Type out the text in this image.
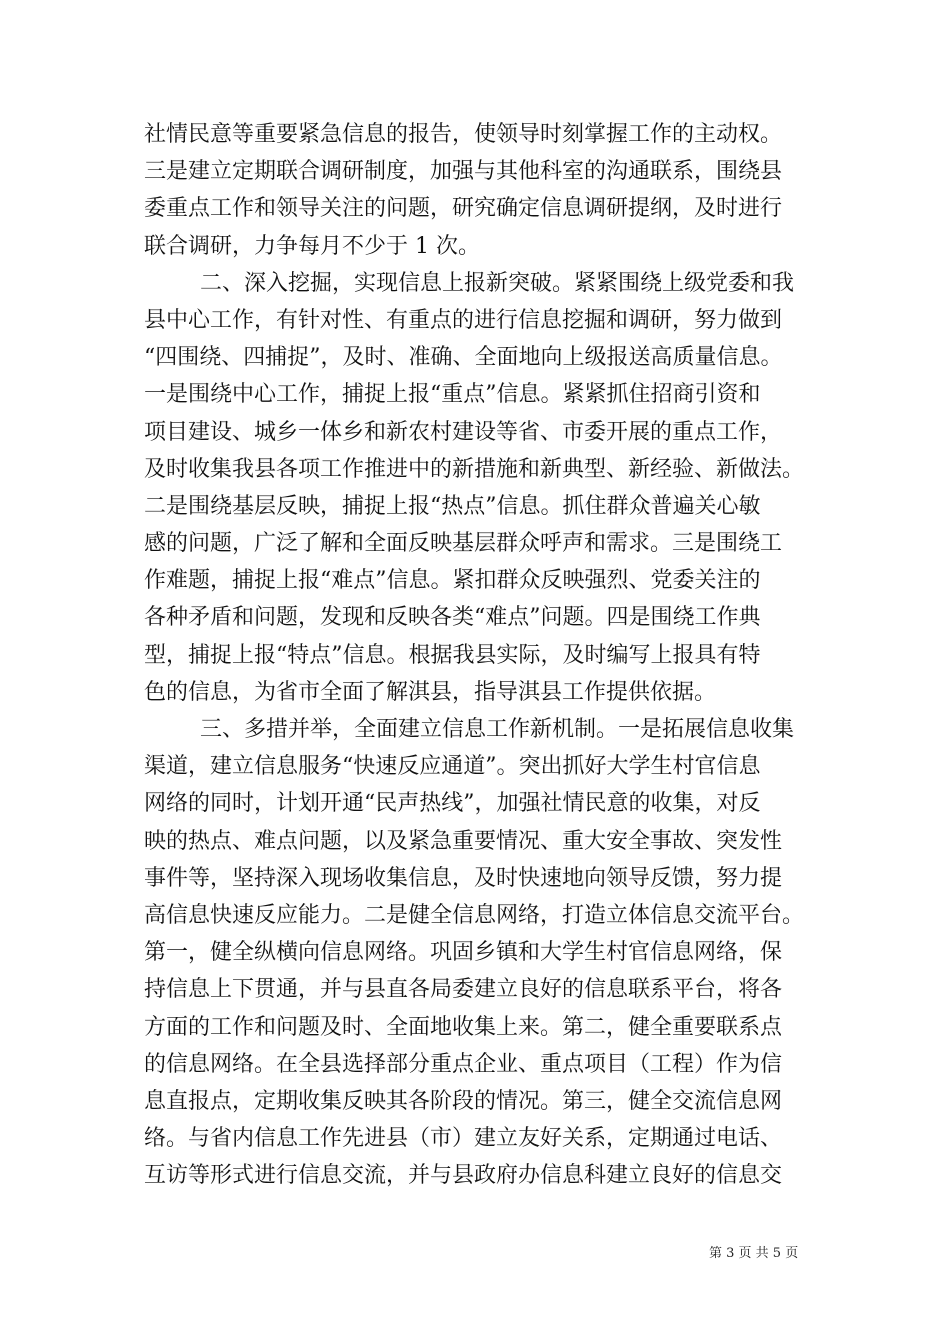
社情民意等重要紧急信息的报告，使领导时刻掌握工作的主动权。
三是建立定期联合调研制度，加强与其他科室的沟通联系，围绕县
委重点工作和领导关注的问题，研究确定信息调研提纲，及时进行
联合调研，力争每月不少于 1 次。
二、深入挖掘，实现信息上报新突破。紧紧围绕上级党委和我
县中心工作，有针对性、有重点的进行信息挖掘和调研，努力做到
“四围绕、四捕捉”，及时、准确、全面地向上级报送高质量信息。
一是围绕中心工作，捕捉上报“重点”信息。紧紧抓住招商引资和
项目建设、城乡一体乡和新农村建设等省、市委开展的重点工作，
及时收集我县各项工作推进中的新措施和新典型、新经验、新做法。
二是围绕基层反映，捕捉上报“热点”信息。抓住群众普遍关心敏
感的问题，广泛了解和全面反映基层群众呼声和需求。三是围绕工
作难题，捕捉上报“难点”信息。紧扣群众反映强烈、党委关注的
各种矛盾和问题，发现和反映各类“难点”问题。四是围绕工作典
型，捕捉上报“特点”信息。根据我县实际，及时编写上报具有特
色的信息，为省市全面了解淇县，指导淇县工作提供依据。
三、多措并举，全面建立信息工作新机制。一是拓展信息收集
渠道，建立信息服务“快速反应通道”。突出抓好大学生村官信息
网络的同时，计划开通“民声热线”，加强社情民意的收集，对反
映的热点、难点问题，以及紧急重要情况、重大安全事故、突发性
事件等，坚持深入现场收集信息，及时快速地向领导反馈，努力提
高信息快速反应能力。二是健全信息网络，打造立体信息交流平台。
第一，健全纵横向信息网络。巩固乡镇和大学生村官信息网络，保
持信息上下贯通，并与县直各局委建立良好的信息联系平台，将各
方面的工作和问题及时、全面地收集上来。第二，健全重要联系点
的信息网络。在全县选择部分重点企业、重点项目（工程）作为信
息直报点，定期收集反映其各阶段的情况。第三，健全交流信息网
络。与省内信息工作先进县（市）建立友好关系，定期通过电话、
互访等形式进行信息交流，并与县政府办信息科建立良好的信息交
第 3 页 共 5 页
